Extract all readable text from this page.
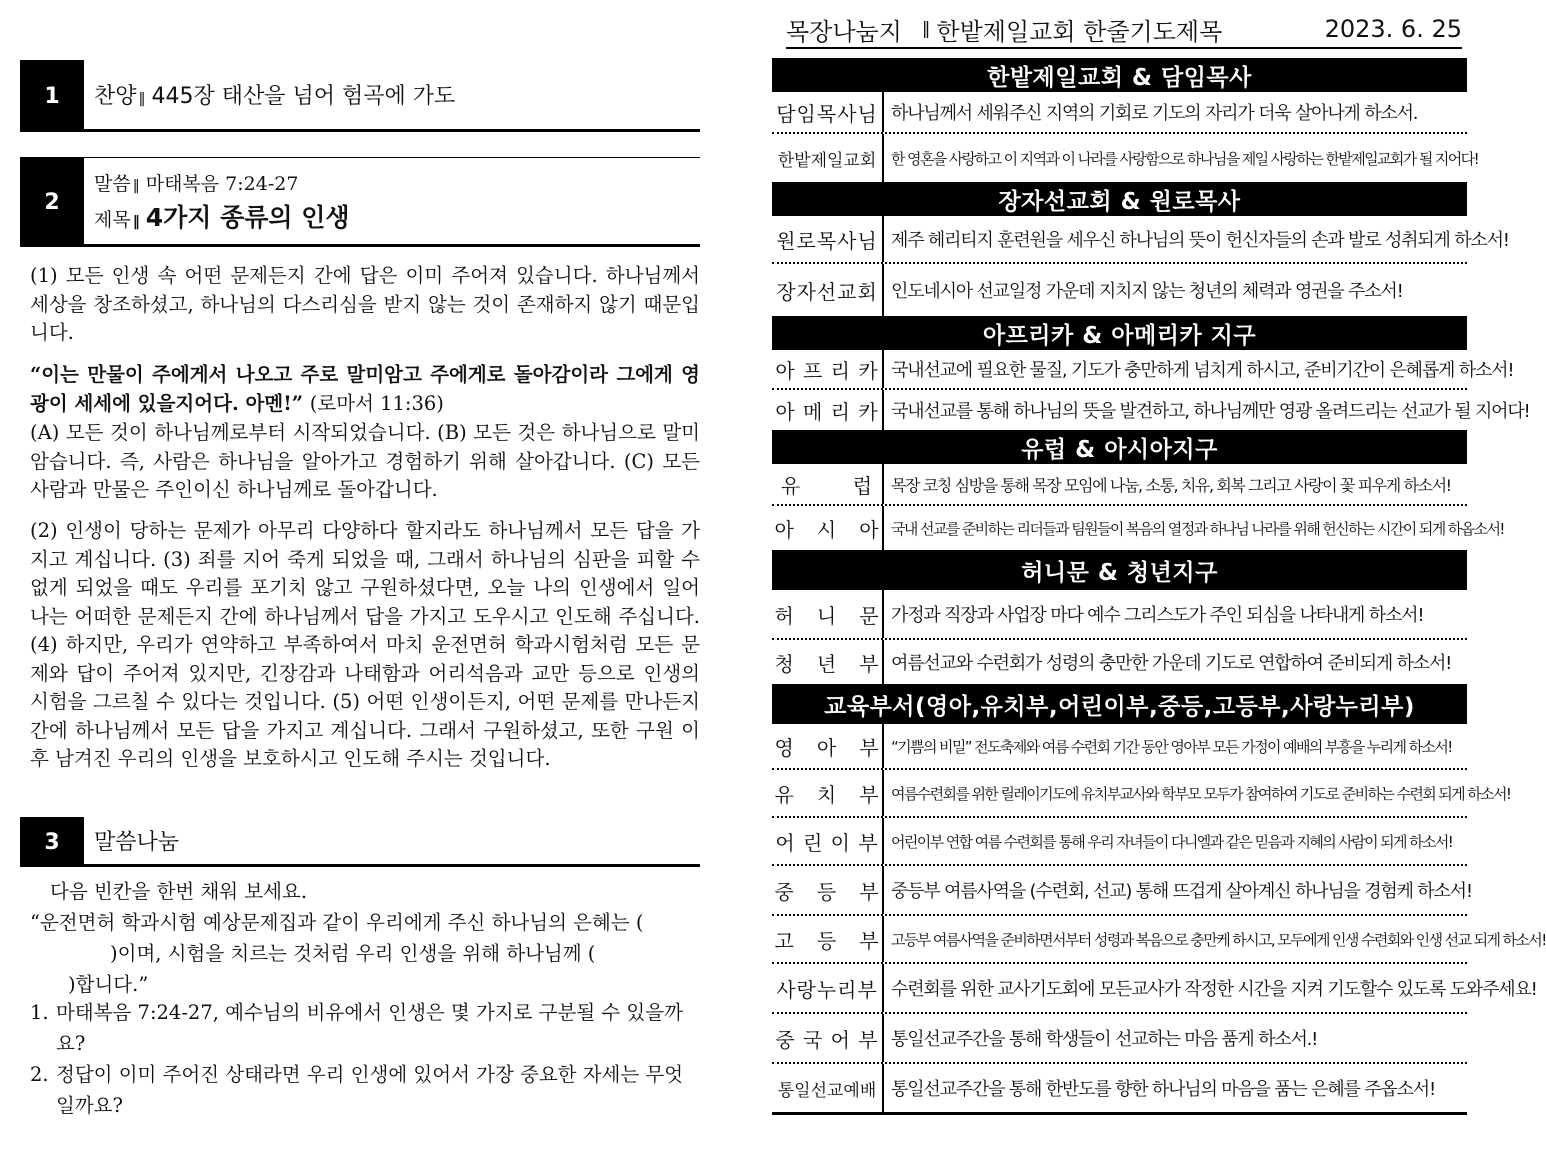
1	찬양 ‖ 445장 태산을 넘어 험곡에 가도
2
말씀 ‖ 마태복음 7:24-27
제목 ‖ 4가지 종류의 인생
(1) 모든 인생 속 어떤 문제든지 간에 답은 이미 주어져 있습니다. 하나님께서 세상을 창조하셨고, 하나님의 다스리심을 받지 않는 것이 존재하지 않기 때문입니다.
“이는 만물이 주에게서 나오고 주로 말미암고 주에게로 돌아감이라 그에게 영광이 세세에 있을지어다. 아멘!” (로마서 11:36)
(A) 모든 것이 하나님께로부터 시작되었습니다. (B) 모든 것은 하나님으로 말미암습니다. 즉, 사람은 하나님을 알아가고 경험하기 위해 살아갑니다. (C) 모든 사람과 만물은 주인이신 하나님께로 돌아갑니다.
(2) 인생이 당하는 문제가 아무리 다양하다 할지라도 하나님께서 모든 답을 가지고 계십니다. (3) 죄를 지어 죽게 되었을 때, 그래서 하나님의 심판을 피할 수 없게 되었을 때도 우리를 포기치 않고 구원하셨다면, 오늘 나의 인생에서 일어나는 어떠한 문제든지 간에 하나님께서 답을 가지고 도우시고 인도해 주십니다. (4) 하지만, 우리가 연약하고 부족하여서 마치 운전면허 학과시험처럼 모든 문제와 답이 주어져 있지만, 긴장감과 나태함과 어리석음과 교만 등으로 인생의 시험을 그르칠 수 있다는 것입니다. (5) 어떤 인생이든지, 어떤 문제를 만나든지 간에 하나님께서 모든 답을 가지고 계십니다. 그래서 구원하셨고, 또한 구원 이후 남겨진 우리의 인생을 보호하시고 인도해 주시는 것입니다.
3	말씀나눔
다음 빈칸을 한번 채워 보세요.
“운전면허 학과시험 예상문제집과 같이 우리에게 주신 하나님의 은혜는 (
)이며, 시험을 치르는 것처럼 우리 인생을 위해 하나님께 (
)합니다.”
1. 마태복음 7:24-27, 예수님의 비유에서 인생은 몇 가지로 구분될 수 있을까요?
2. 정답이 이미 주어진 상태라면 우리 인생에 있어서 가장 중요한 자세는 무엇일까요?
목장나눔지 ‖ 한밭제일교회 한줄기도제목	2023. 6. 25
한밭제일교회 & 담임목사
담임목사님 하나님께서 세워주신 지역의 기회로 기도의 자리가 더욱 살아나게 하소서.
한밭제일교회 한 영혼을 사랑하고 이 지역과 이 나라를 사랑함으로 하나님을 제일 사랑하는 한밭제일교회가 될 지어다!
장자선교회 & 원로목사
원로목사님 제주 헤리티지 훈련원을 세우신 하나님의 뜻이 헌신자들의 손과 발로 성취되게 하소서!
장자선교회 인도네시아 선교일정 가운데 지치지 않는 청년의 체력과 영권을 주소서!
아프리카 & 아메리카 지구
아 프 리 카 국내선교에 필요한 물질, 기도가 충만하게 넘치게 하시고, 준비기간이 은혜롭게 하소서!
아 메 리 카 국내선교를 통해 하나님의 뜻을 발견하고, 하나님께만 영광 올려드리는 선교가 될 지어다!
유럽 & 아시아지구
유       럽	목장 코칭 심방을 통해 목장 모임에 나눔, 소통, 치유, 회복 그리고 사랑이 꽃 피우게 하소서!
아   시   아 국내 선교를 준비하는 리더들과 팀원들이 복음의 열정과 하나님 나라를 위해 헌신하는 시간이 되게 하옵소서!
허니문 & 청년지구
허   니   문 가정과 직장과 사업장 마다 예수 그리스도가 주인 되심을 나타내게 하소서!
청   년   부 여름선교와 수련회가 성령의 충만한 가운데 기도로 연합하여 준비되게 하소서!
교육부서(영아,유치부,어린이부,중등,고등부,사랑누리부)
영   아   부 “기쁨의 비밀” 전도축제와 여름 수련회 기간 동안 영아부 모든 가정이 예배의 부흥을 누리게 하소서!
유   치   부 여름수련회를 위한 릴레이기도에 유치부교사와 학부모 모두가 참여하여 기도로 준비하는 수련회 되게 하소서!
어 린 이 부 어린이부 연합 여름 수련회를 통해 우리 자녀들이 다니엘과 같은 믿음과 지혜의 사람이 되게 하소서!
중   등   부 중등부 여름사역을 (수련회, 선교) 통해 뜨겁게 살아계신 하나님을 경험케 하소서!
고   등   부 고등부 여름사역을 준비하면서부터 성령과 복음으로 충만케 하시고, 모두에게 인생 수련회와 인생 선교 되게 하소서!
사랑누리부 수련회를 위한 교사기도회에 모든교사가 작정한 시간을 지켜 기도할수 있도록 도와주세요!
중 국 어 부 통일선교주간을 통해 학생들이 선교하는 마음 품게 하소서.!
통일선교예배 통일선교주간을 통해 한반도를 향한 하나님의 마음을 품는 은혜를 주옵소서!
